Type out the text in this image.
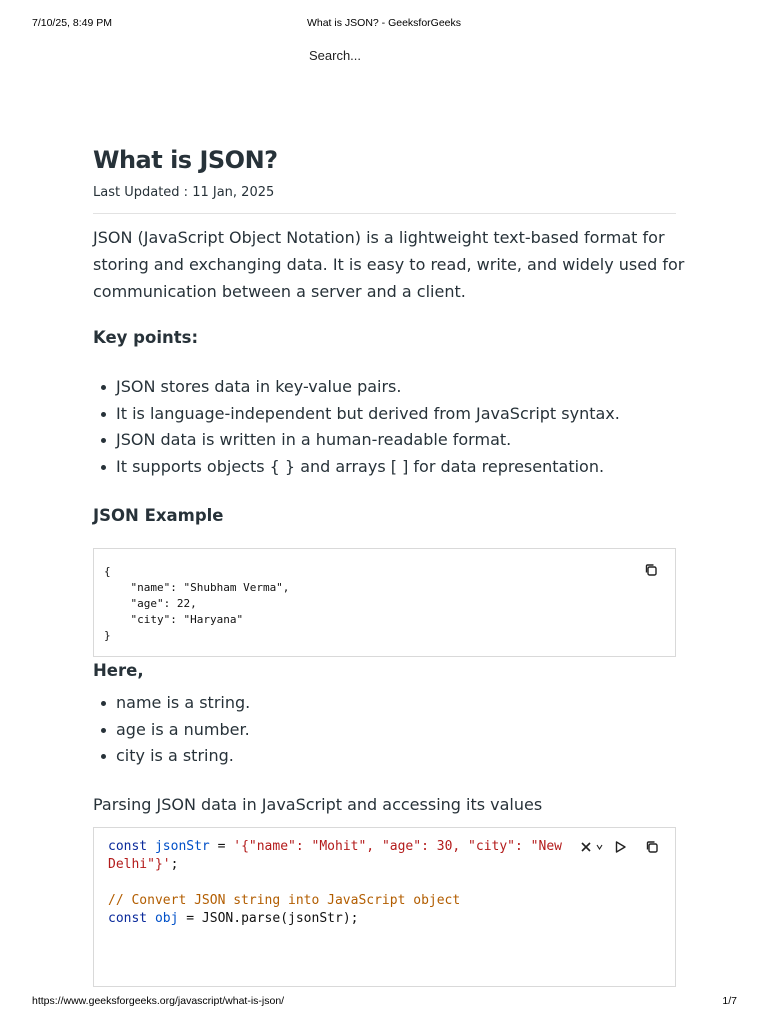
7/10/25, 8:49 PM	What is JSON? - GeeksforGeeks
Search...
What is JSON?
Last Updated : 11 Jan, 2025

JSON (JavaScript Object Notation) is a lightweight text-based format for storing and exchanging data. It is easy to read, write, and widely used for communication between a server and a client.

Key points:
JSON stores data in key-value pairs.
It is language-independent but derived from JavaScript syntax.
JSON data is written in a human-readable format.
It supports objects { } and arrays [ ] for data representation.
JSON Example
{
"name": "Shubham Verma",
"age": 22,
"city": "Haryana"
}
Here,
name is a string.
age is a number.
city is a string.

Parsing JSON data in JavaScript and accessing its values

const jsonStr = '{"name": "Mohit", "age": 30, "city": "New
Delhi"}';

// Convert JSON string into JavaScript object
const obj = JSON.parse(jsonStr);
https://www.geeksforgeeks.org/javascript/what-is-json/	1/7
